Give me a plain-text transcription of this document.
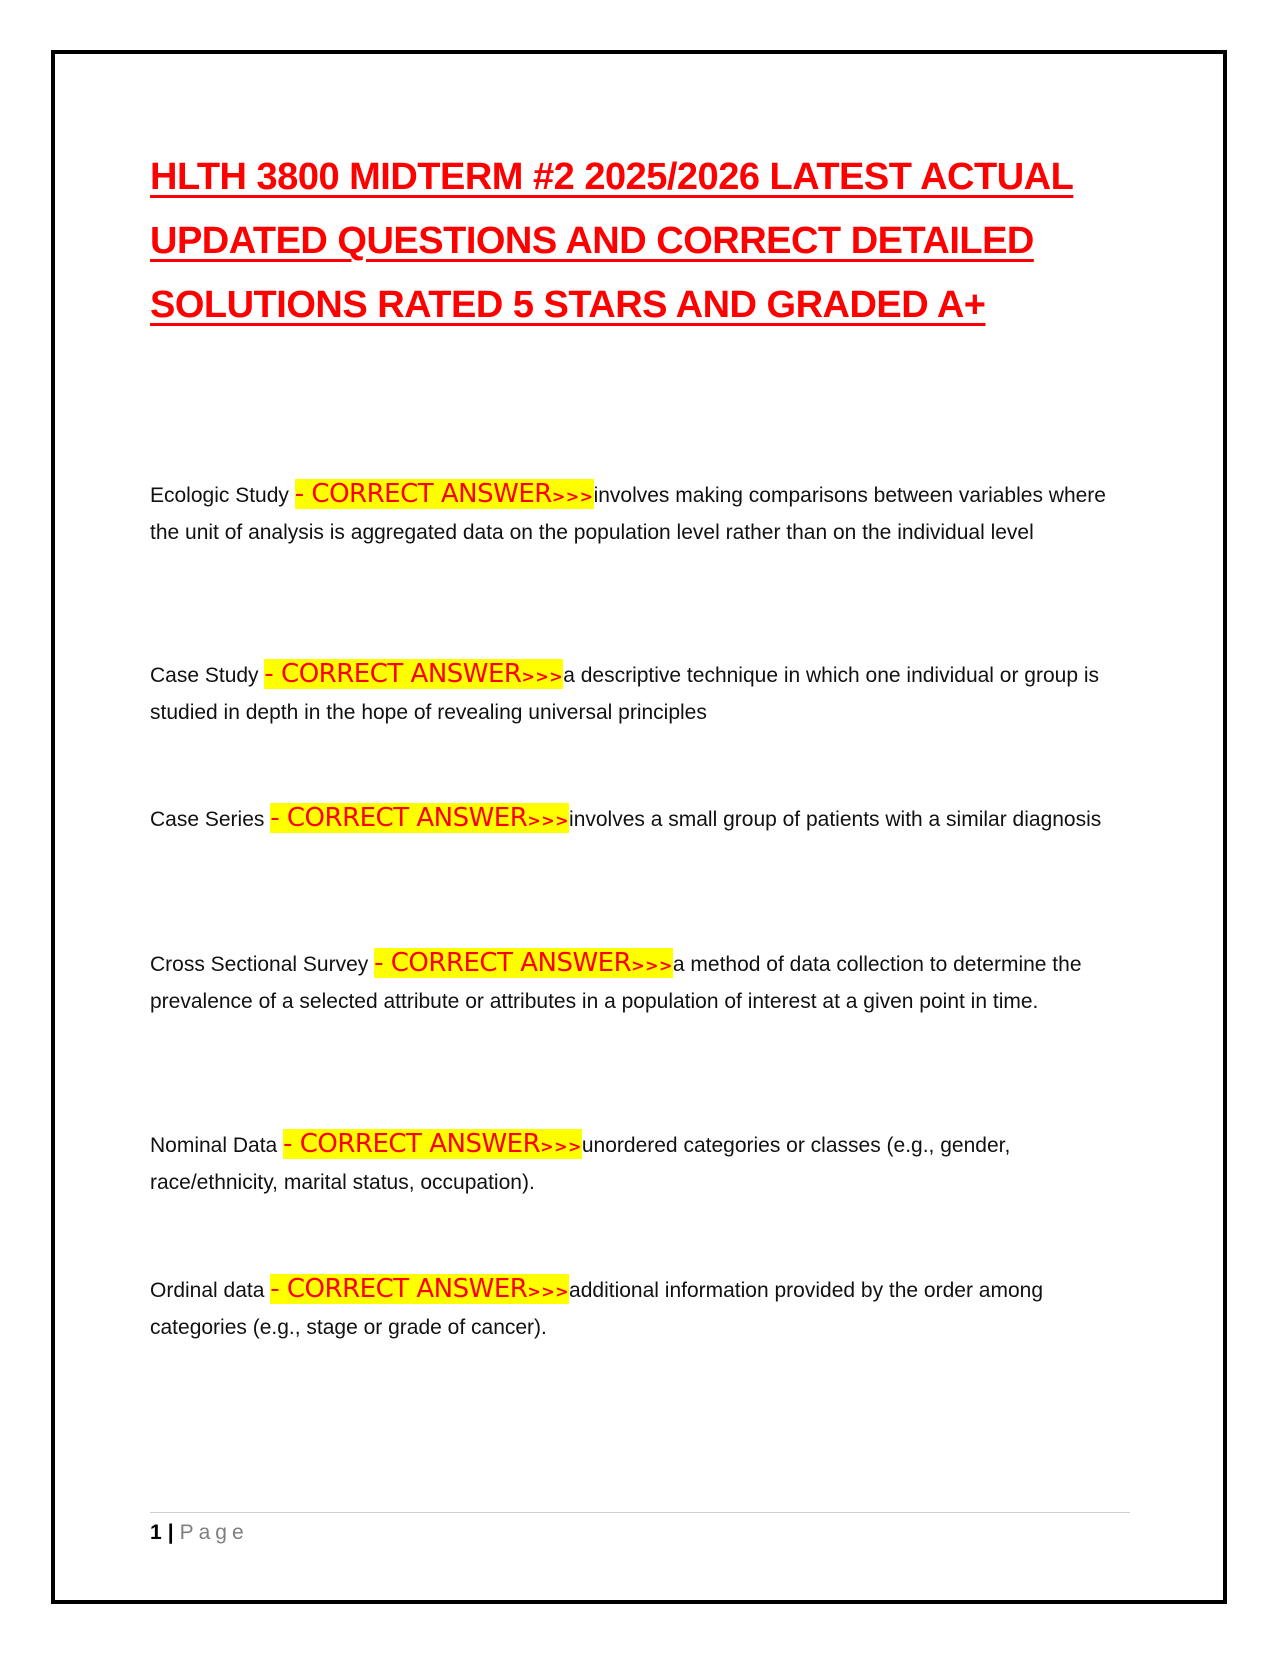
HLTH 3800 MIDTERM #2 2025/2026 LATEST ACTUAL UPDATED QUESTIONS AND CORRECT DETAILED SOLUTIONS RATED 5 STARS AND GRADED A+

Ecologic Study - CORRECT ANSWER>>>involves making comparisons between variables where the unit of analysis is aggregated data on the population level rather than on the individual level

Case Study - CORRECT ANSWER>>>a descriptive technique in which one individual or group is studied in depth in the hope of revealing universal principles

Case Series - CORRECT ANSWER>>>involves a small group of patients with a similar diagnosis

Cross Sectional Survey - CORRECT ANSWER>>>a method of data collection to determine the prevalence of a selected attribute or attributes in a population of interest at a given point in time.

Nominal Data - CORRECT ANSWER>>>unordered categories or classes (e.g., gender, race/ethnicity, marital status, occupation).

Ordinal data - CORRECT ANSWER>>>additional information provided by the order among categories (e.g., stage or grade of cancer).

1 | Page
